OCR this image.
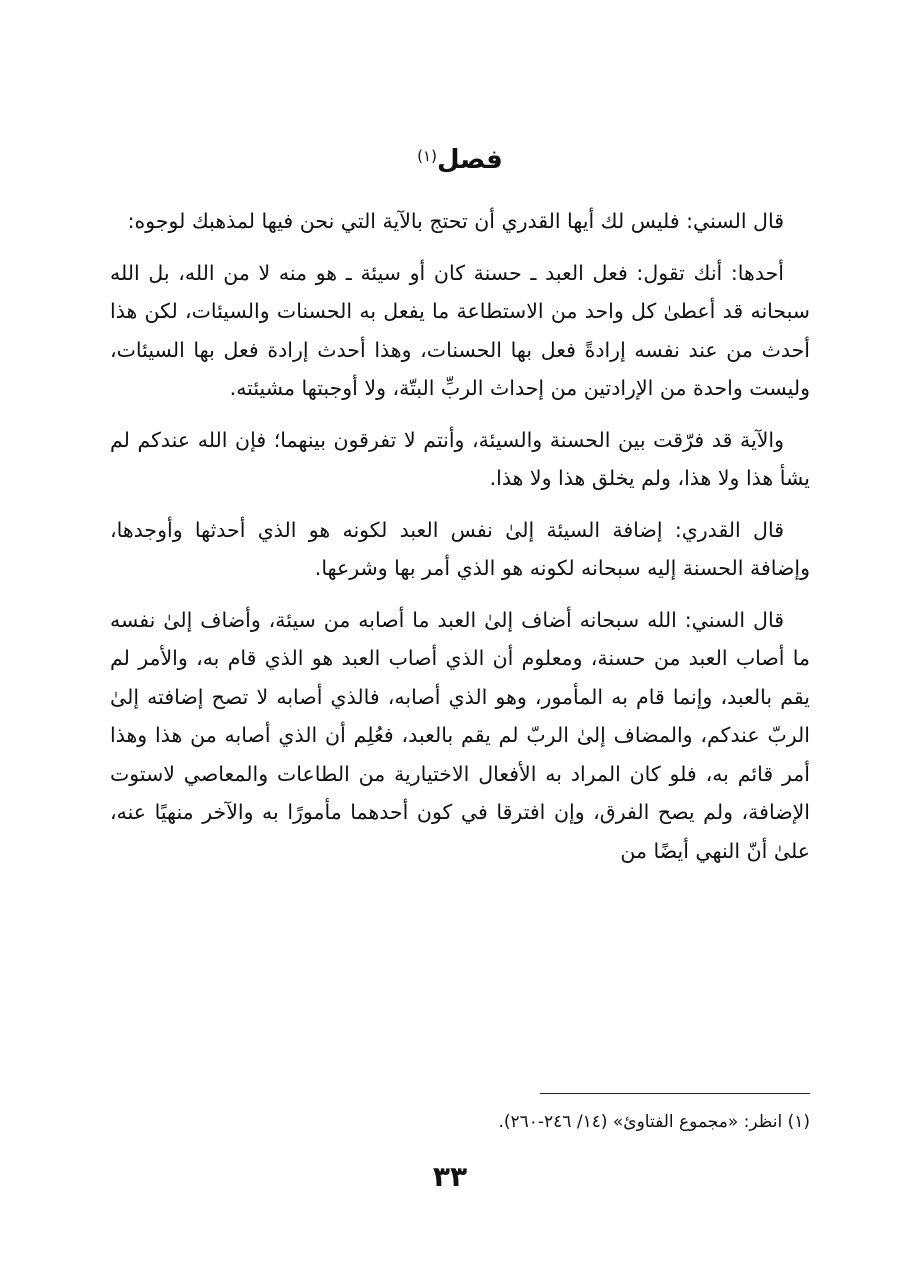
فصل$^{(١)}$

قال السني: فليس لك أيها القدري أن تحتج بالآية التي نحن فيها لمذهبك لوجوه:

أحدها: أنك تقول: فعل العبد ـ حسنة كان أو سيئة ـ هو منه لا من الله، بل الله سبحانه قد أعطىٰ كل واحد من الاستطاعة ما يفعل به الحسنات والسيئات، لكن هذا أحدث من عند نفسه إرادةً فعل بها الحسنات، وهذا أحدث إرادة فعل بها السيئات، وليست واحدة من الإرادتين من إحداث الربِّ البتّة، ولا أوجبتها مشيئته.

والآية قد فرّقت بين الحسنة والسيئة، وأنتم لا تفرقون بينهما؛ فإن الله عندكم لم يشأ هذا ولا هذا، ولم يخلق هذا ولا هذا.

قال القدري: إضافة السيئة إلىٰ نفس العبد لكونه هو الذي أحدثها وأوجدها، وإضافة الحسنة إليه سبحانه لكونه هو الذي أمر بها وشرعها.

قال السني: الله سبحانه أضاف إلىٰ العبد ما أصابه من سيئة، وأضاف إلىٰ نفسه ما أصاب العبد من حسنة، ومعلوم أن الذي أصاب العبد هو الذي قام به، والأمر لم يقم بالعبد، وإنما قام به المأمور، وهو الذي أصابه، فالذي أصابه لا تصح إضافته إلىٰ الربّ عندكم، والمضاف إلىٰ الربّ لم يقم بالعبد، فعُلِم أن الذي أصابه من هذا وهذا أمر قائم به، فلو كان المراد به الأفعال الاختيارية من الطاعات والمعاصي لاستوت الإضافة، ولم يصح الفرق، وإن افترقا في كون أحدهما مأمورًا به والآخر منهيًا عنه، علىٰ أنّ النهي أيضًا من

(١) انظر: «مجموع الفتاوئ» (١٤/ ٢٤٦-٢٦٠).
٣٣
